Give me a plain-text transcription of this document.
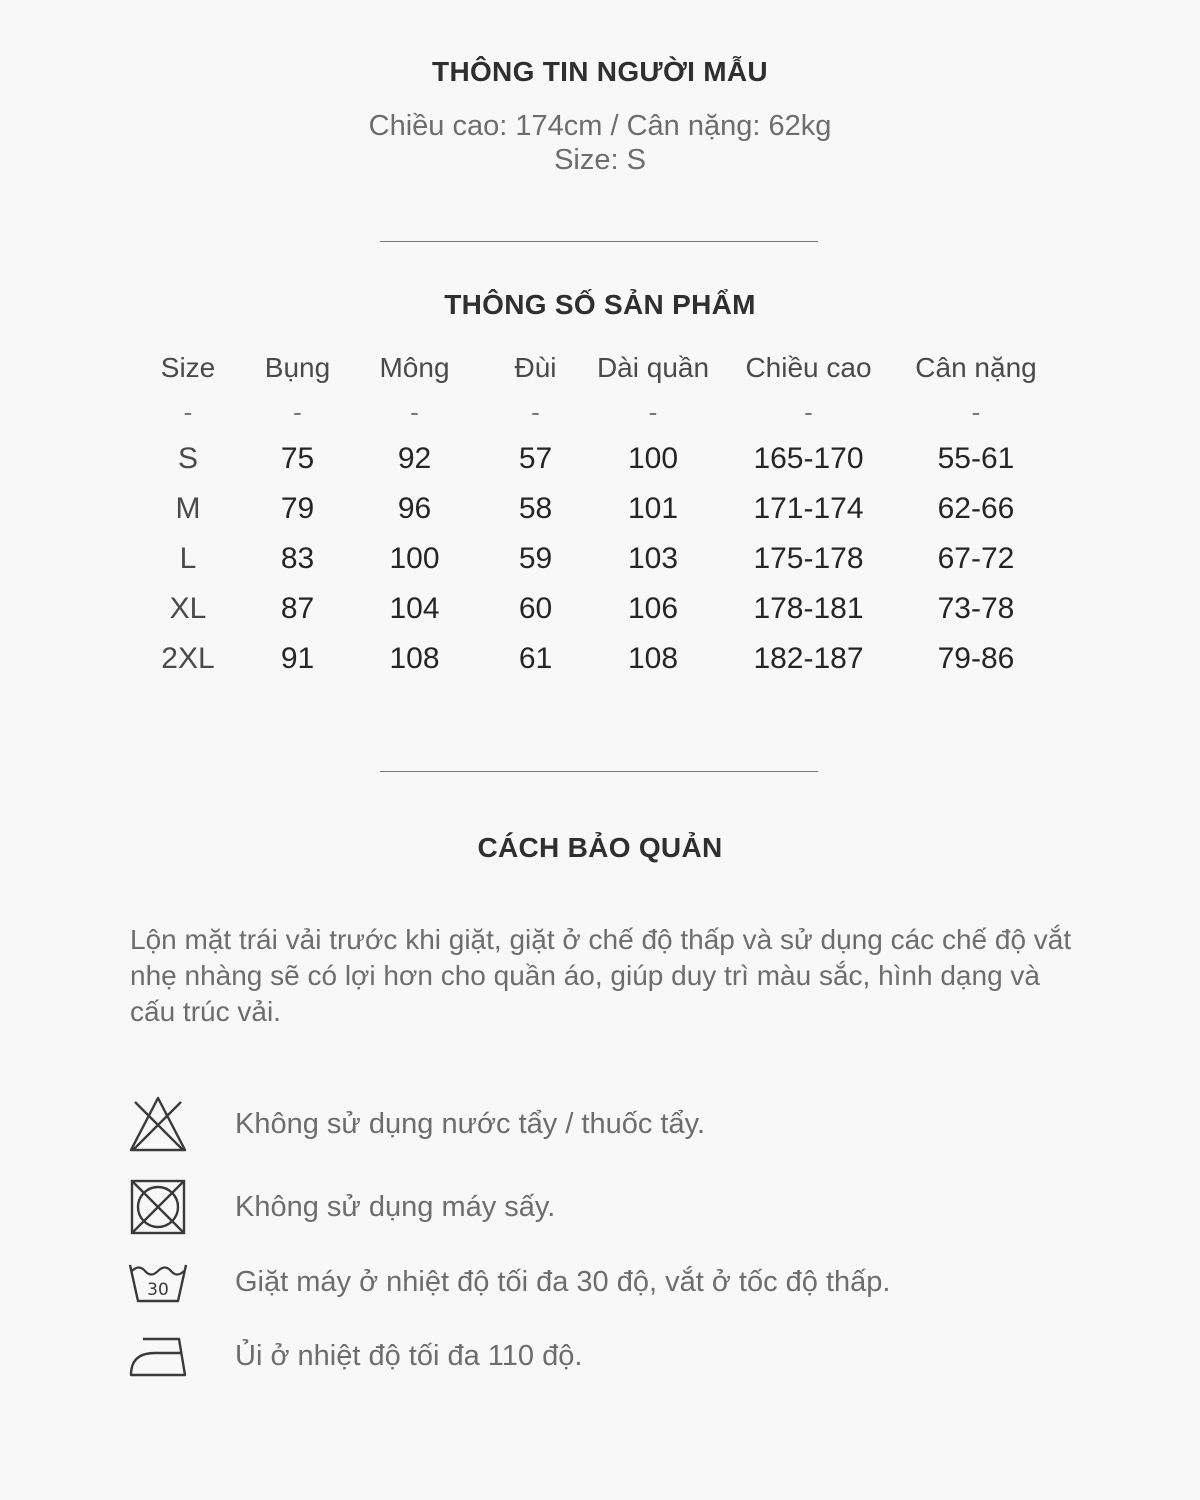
THÔNG TIN NGƯỜI MẪU

Chiều cao: 174cm / Cân nặng: 62kg

Size: S

THÔNG SỐ SẢN PHẨM
Size	Bụng	Mông	Đùi	Dài quần	Chiều cao	Cân nặng
-	-	-	-	-	-	-
S	75	92	57	100	165-170	55-61
M	79	96	58	101	171-174	62-66
L	83	100	59	103	175-178	67-72
XL	87	104	60	106	178-181	73-78
2XL	91	108	61	108	182-187	79-86
CÁCH BẢO QUẢN

Lộn mặt trái vải trước khi giặt, giặt ở chế độ thấp và sử dụng các chế độ vắt nhẹ nhàng sẽ có lợi hơn cho quần áo, giúp duy trì màu sắc, hình dạng và cấu trúc vải.

Không sử dụng nước tẩy / thuốc tẩy.
Không sử dụng máy sấy.
30 Giặt máy ở nhiệt độ tối đa 30 độ, vắt ở tốc độ thấp.
Ủi ở nhiệt độ tối đa 110 độ.
